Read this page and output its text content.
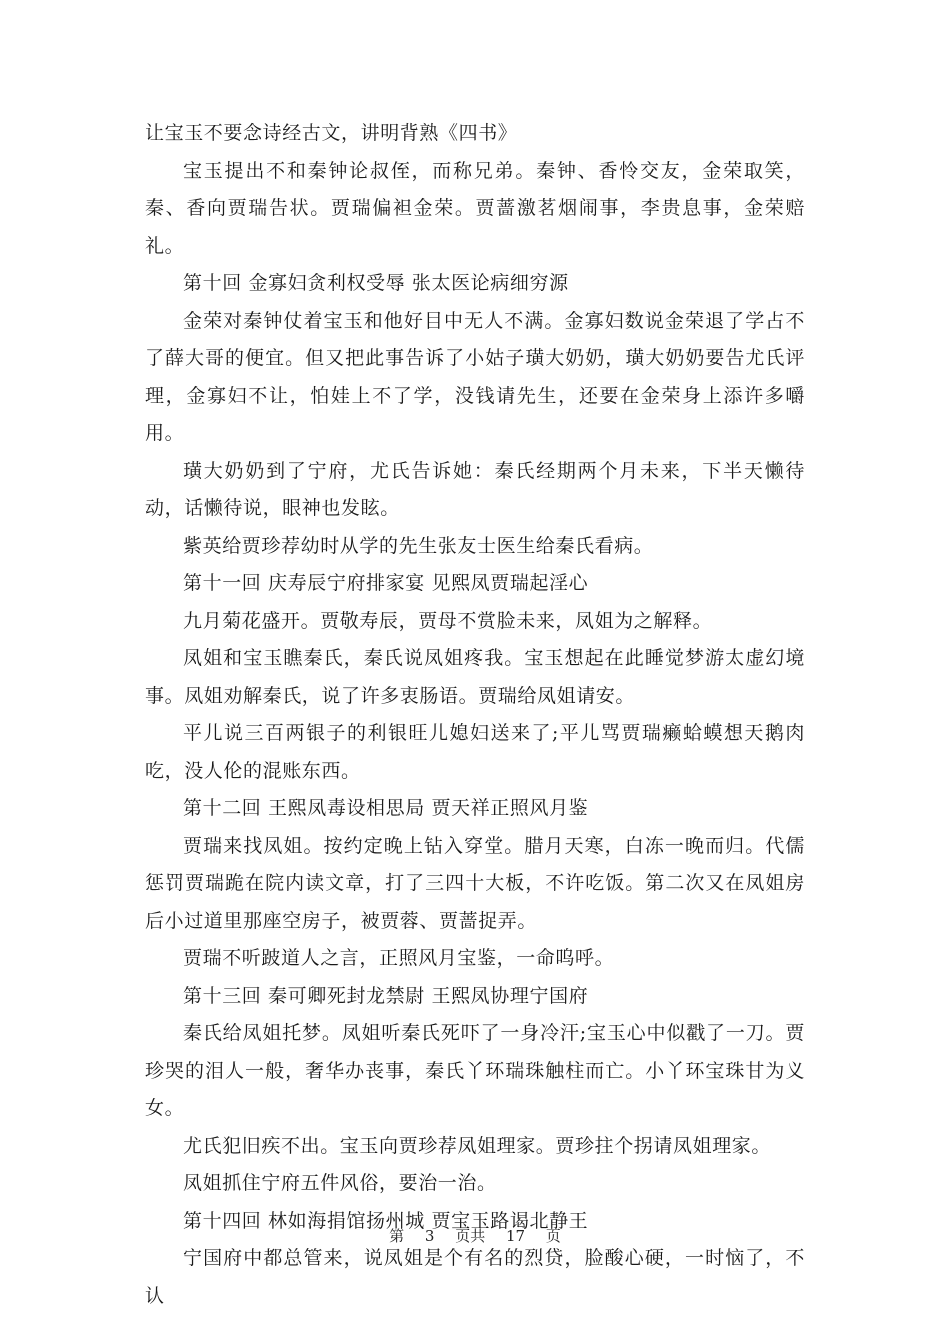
让宝玉不要念诗经古文，讲明背熟《四书》

宝玉提出不和秦钟论叔侄，而称兄弟。秦钟、香怜交友，金荣取笑，秦、香向贾瑞告状。贾瑞偏袒金荣。贾蔷激茗烟闹事，李贵息事，金荣赔礼。

第十回 金寡妇贪利权受辱 张太医论病细穷源

金荣对秦钟仗着宝玉和他好目中无人不满。金寡妇数说金荣退了学占不了薛大哥的便宜。但又把此事告诉了小姑子璜大奶奶，璜大奶奶要告尤氏评理，金寡妇不让，怕娃上不了学，没钱请先生，还要在金荣身上添许多嚼用。

璜大奶奶到了宁府，尤氏告诉她：秦氏经期两个月未来，下半天懒待动，话懒待说，眼神也发眩。

紫英给贾珍荐幼时从学的先生张友士医生给秦氏看病。

第十一回 庆寿辰宁府排家宴 见熙凤贾瑞起淫心

九月菊花盛开。贾敬寿辰，贾母不赏脸未来，凤姐为之解释。

凤姐和宝玉瞧秦氏，秦氏说凤姐疼我。宝玉想起在此睡觉梦游太虚幻境事。凤姐劝解秦氏，说了许多衷肠语。贾瑞给凤姐请安。

平儿说三百两银子的利银旺儿媳妇送来了;平儿骂贾瑞癞蛤蟆想天鹅肉吃，没人伦的混账东西。

第十二回 王熙凤毒设相思局 贾天祥正照风月鉴

贾瑞来找凤姐。按约定晚上钻入穿堂。腊月天寒，白冻一晚而归。代儒惩罚贾瑞跪在院内读文章，打了三四十大板，不许吃饭。第二次又在凤姐房后小过道里那座空房子，被贾蓉、贾蔷捉弄。

贾瑞不听跛道人之言，正照风月宝鉴，一命呜呼。

第十三回 秦可卿死封龙禁尉 王熙凤协理宁国府

秦氏给凤姐托梦。凤姐听秦氏死吓了一身冷汗;宝玉心中似戳了一刀。贾珍哭的泪人一般，奢华办丧事，秦氏丫环瑞珠触柱而亡。小丫环宝珠甘为义女。

尤氏犯旧疾不出。宝玉向贾珍荐凤姐理家。贾珍拄个拐请凤姐理家。

凤姐抓住宁府五件风俗，要治一治。

第十四回 林如海捐馆扬州城 贾宝玉路谒北静王

宁国府中都总管来，说凤姐是个有名的烈贷，脸酸心硬，一时恼了，不认

第 3 页共 17 页
